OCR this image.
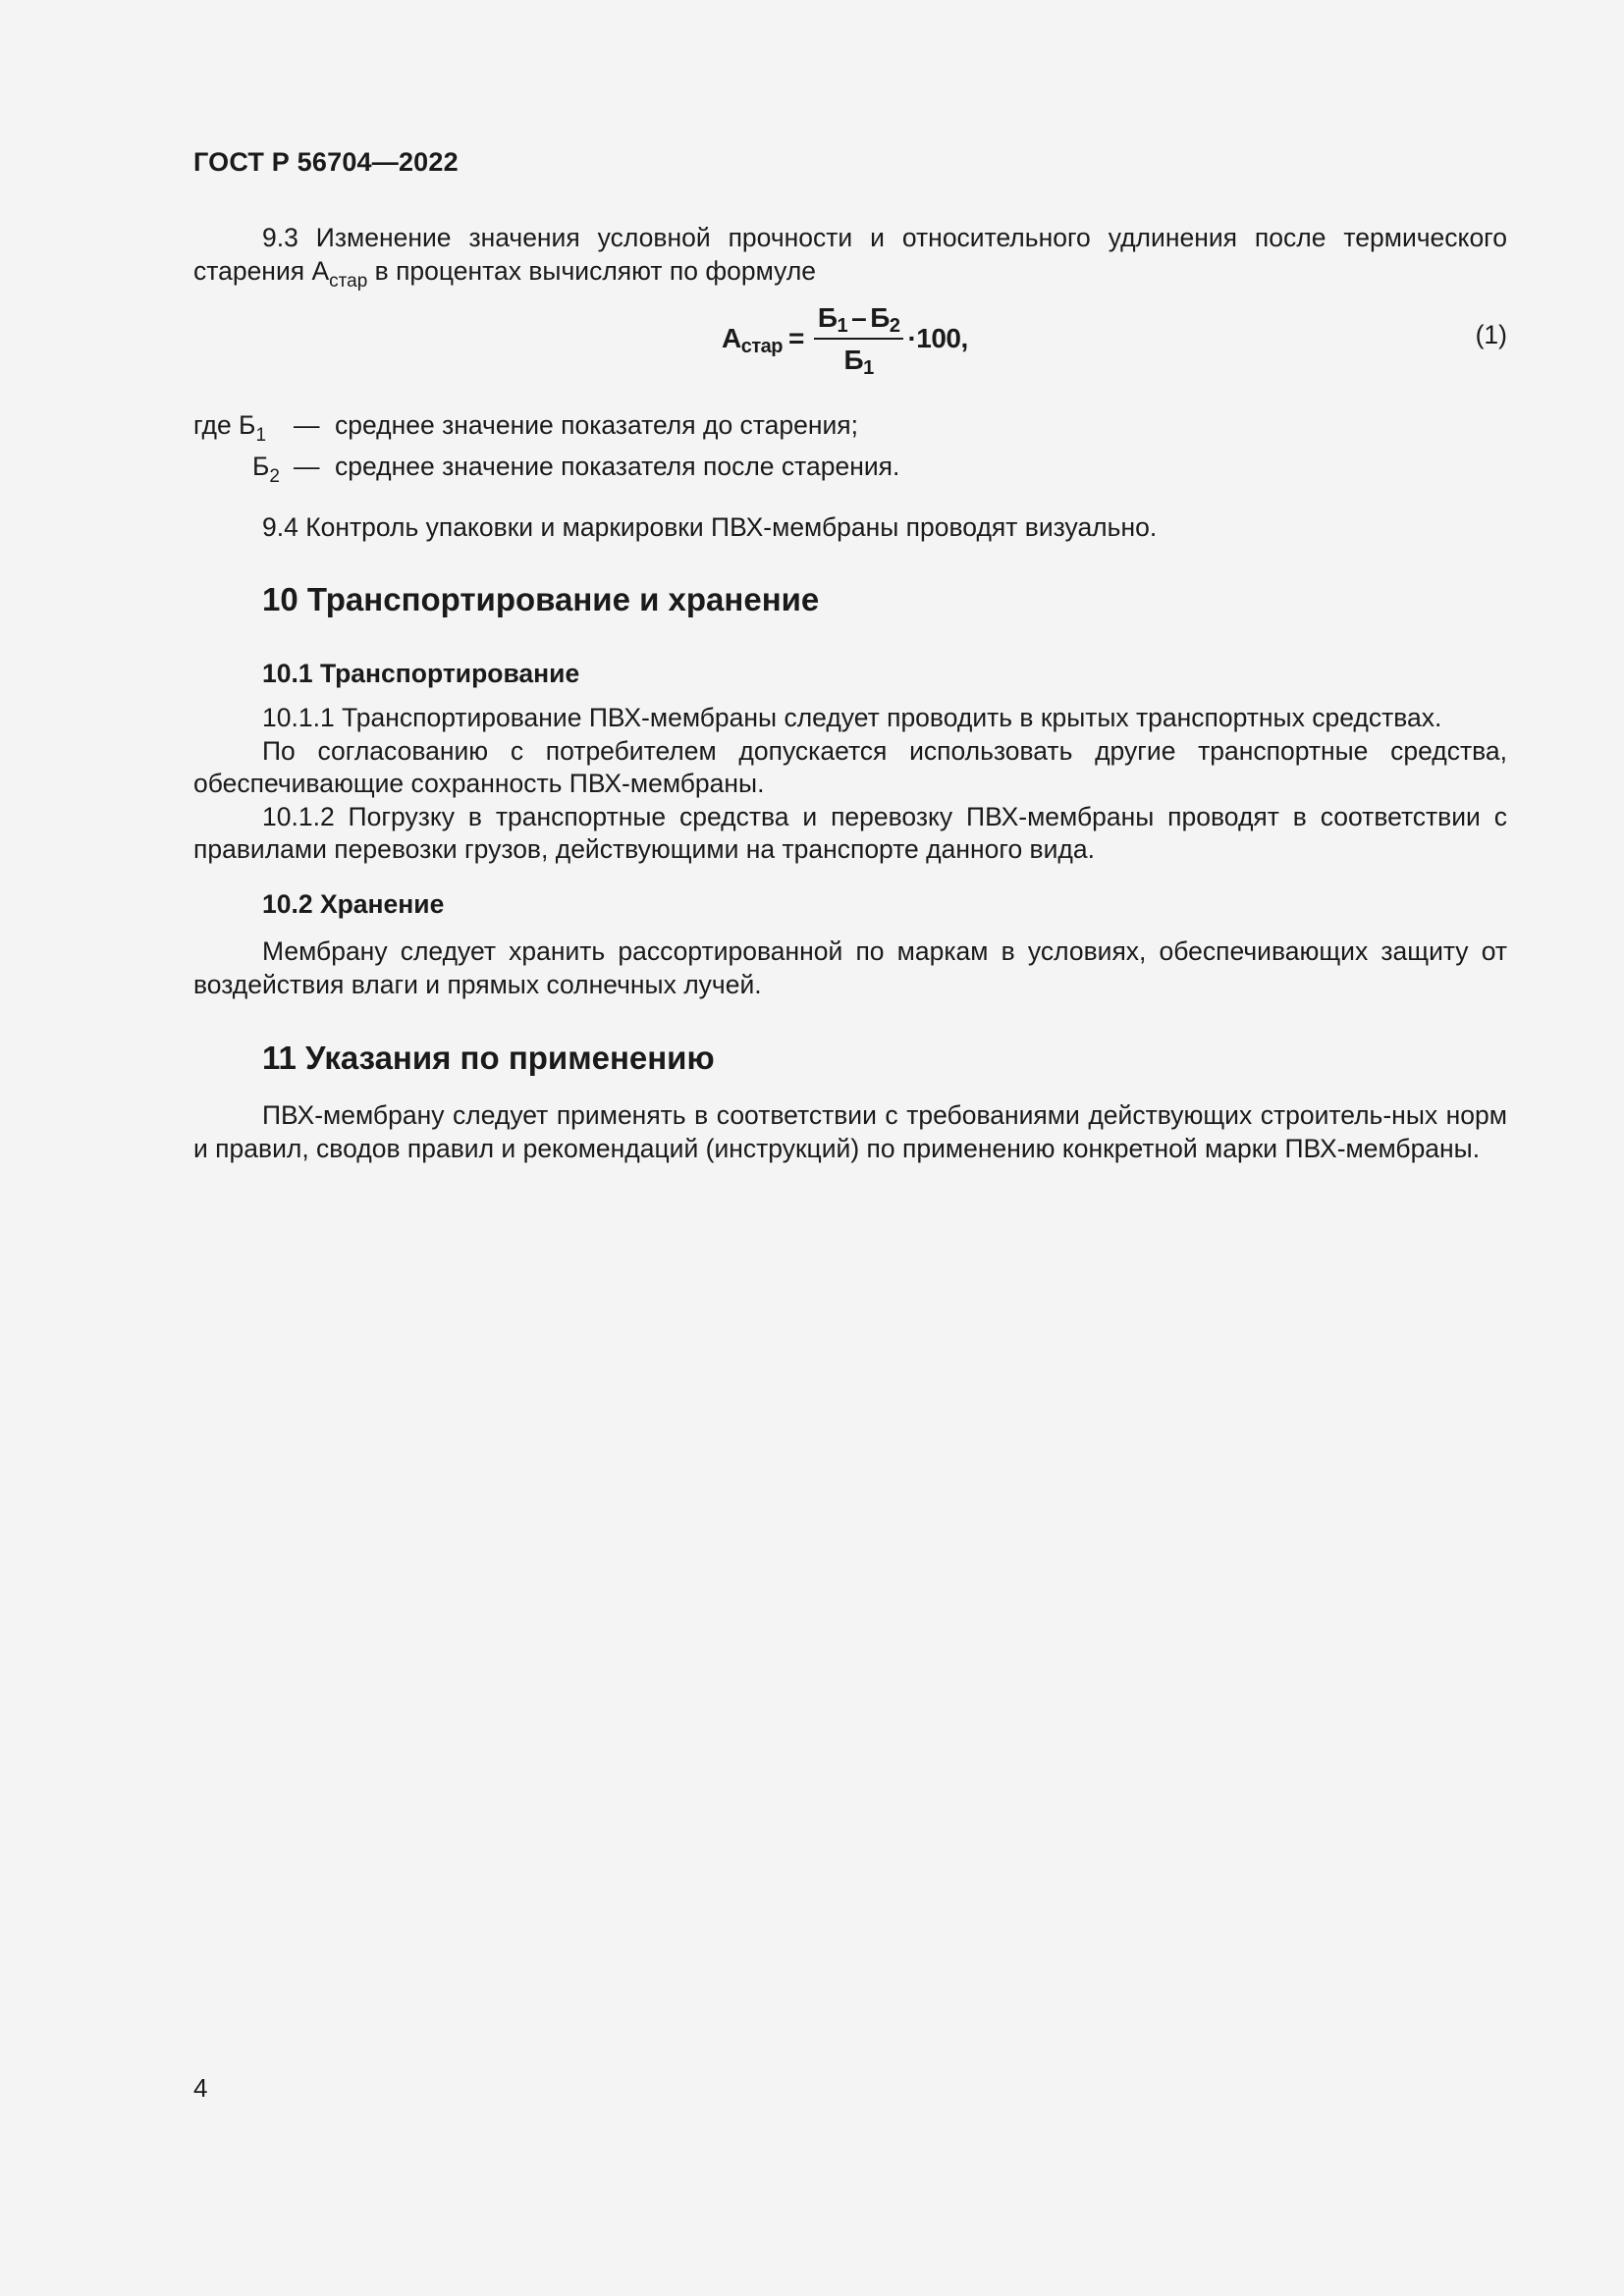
ГОСТ Р 56704—2022

9.3 Изменение значения условной прочности и относительного удлинения после термического старения $А_{стар}$ в процентах вычисляют по формуле

$А_{стар} = \frac{Б_1 - Б_2}{Б_1} \cdot 100$,	(1)
где $Б_1$	— среднее значение показателя до старения;
$Б_2$ — среднее значение показателя после старения.

9.4 Контроль упаковки и маркировки ПВХ-мембраны проводят визуально.

10 Транспортирование и хранение
10.1 Транспортирование

10.1.1 Транспортирование ПВХ-мембраны следует проводить в крытых транспортных средствах.

По согласованию с потребителем допускается использовать другие транспортные средства, обеспечивающие сохранность ПВХ-мембраны.

10.1.2 Погрузку в транспортные средства и перевозку ПВХ-мембраны проводят в соответствии с правилами перевозки грузов, действующими на транспорте данного вида.

10.2 Хранение

Мембрану следует хранить рассортированной по маркам в условиях, обеспечивающих защиту от воздействия влаги и прямых солнечных лучей.

11 Указания по применению

ПВХ-мембрану следует применять в соответствии с требованиями действующих строитель-ных норм и правил, сводов правил и рекомендаций (инструкций) по применению конкретной марки ПВХ-мембраны.

4
